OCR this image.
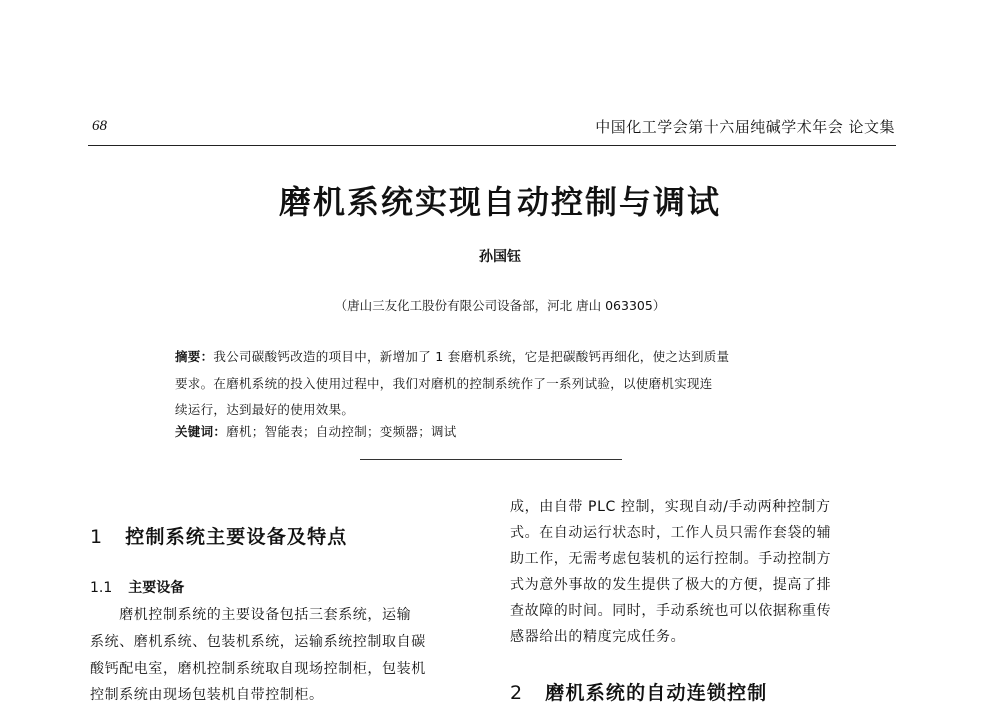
68	中国化工学会第十六届纯碱学术年会 论文集
磨机系统实现自动控制与调试
孙国钰
（唐山三友化工股份有限公司设备部，河北 唐山 063305）
摘要：我公司碳酸钙改造的项目中，新增加了 1 套磨机系统，它是把碳酸钙再细化，使之达到质量
要求。在磨机系统的投入使用过程中，我们对磨机的控制系统作了一系列试验，以使磨机实现连
续运行，达到最好的使用效果。
关键词：磨机；智能表；自动控制；变频器；调试
1 控制系统主要设备及特点
1.1 主要设备
　　磨机控制系统的主要设备包括三套系统，运输
系统、磨机系统、包装机系统，运输系统控制取自碳
酸钙配电室，磨机控制系统取自现场控制柜，包装机
控制系统由现场包装机自带控制柜。
成，由自带 PLC 控制，实现自动/手动两种控制方
式。在自动运行状态时，工作人员只需作套袋的辅
助工作，无需考虑包装机的运行控制。手动控制方
式为意外事故的发生提供了极大的方便，提高了排
查故障的时间。同时，手动系统也可以依据称重传
感器给出的精度完成任务。
2 磨机系统的自动连锁控制
